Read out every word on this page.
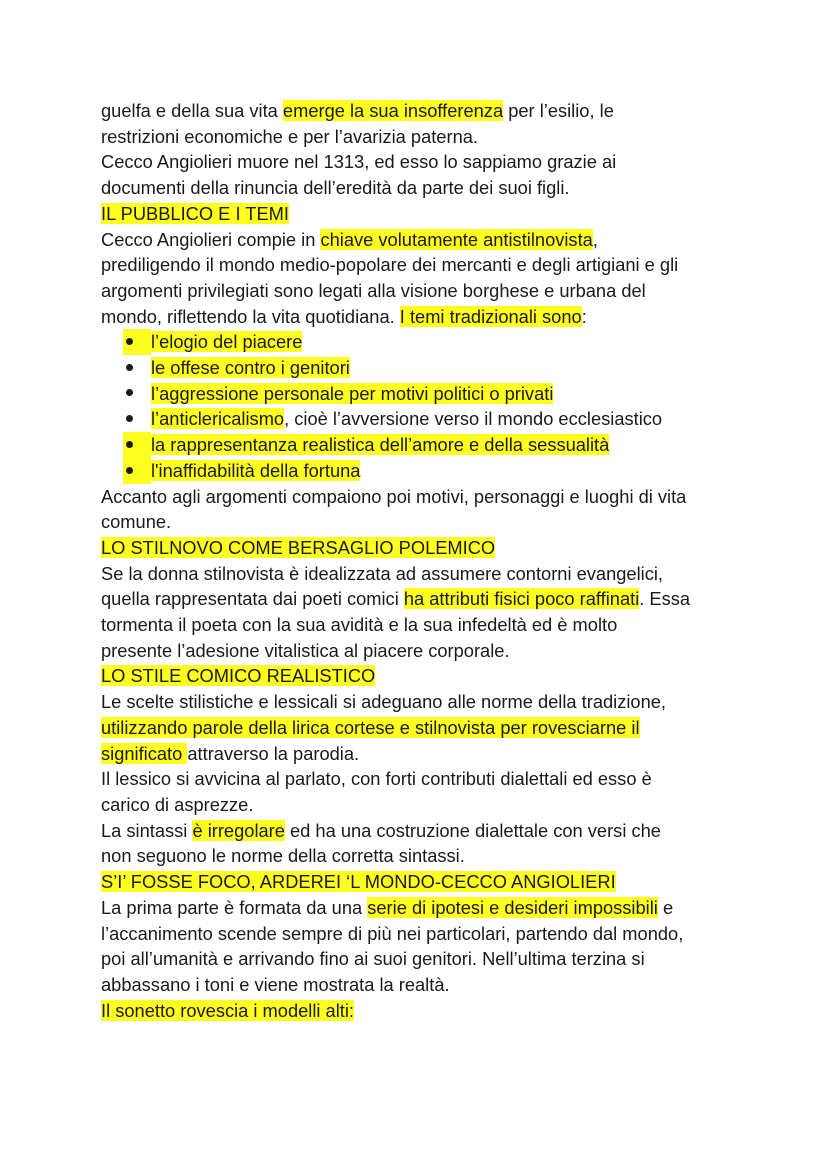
guelfa e della sua vita emerge la sua insofferenza per l’esilio, le
restrizioni economiche e per l’avarizia paterna.
Cecco Angiolieri muore nel 1313, ed esso lo sappiamo grazie ai
documenti della rinuncia dell’eredità da parte dei suoi figli.
IL PUBBLICO E I TEMI
Cecco Angiolieri compie in chiave volutamente antistilnovista,
prediligendo il mondo medio-popolare dei mercanti e degli artigiani e gli
argomenti privilegiati sono legati alla visione borghese e urbana del
mondo, riflettendo la vita quotidiana. I temi tradizionali sono:
l’elogio del piacere
le offese contro i genitori
l’aggressione personale per motivi politici o privati
l’anticlericalismo, cioè l’avversione verso il mondo ecclesiastico
la rappresentanza realistica dell’amore e della sessualità
l'inaffidabilità della fortuna
Accanto agli argomenti compaiono poi motivi, personaggi e luoghi di vita
comune.
LO STILNOVO COME BERSAGLIO POLEMICO
Se la donna stilnovista è idealizzata ad assumere contorni evangelici,
quella rappresentata dai poeti comici ha attributi fisici poco raffinati. Essa
tormenta il poeta con la sua avidità e la sua infedeltà ed è molto
presente l’adesione vitalistica al piacere corporale.
LO STILE COMICO REALISTICO
Le scelte stilistiche e lessicali si adeguano alle norme della tradizione,
utilizzando parole della lirica cortese e stilnovista per rovesciarne il
significato attraverso la parodia.
Il lessico si avvicina al parlato, con forti contributi dialettali ed esso è
carico di asprezze.
La sintassi è irregolare ed ha una costruzione dialettale con versi che
non seguono le norme della corretta sintassi.
S’I’ FOSSE FOCO, ARDEREI ‘L MONDO-CECCO ANGIOLIERI
La prima parte è formata da una serie di ipotesi e desideri impossibili e
l’accanimento scende sempre di più nei particolari, partendo dal mondo,
poi all’umanità e arrivando fino ai suoi genitori. Nell’ultima terzina si
abbassano i toni e viene mostrata la realtà.
Il sonetto rovescia i modelli alti:
